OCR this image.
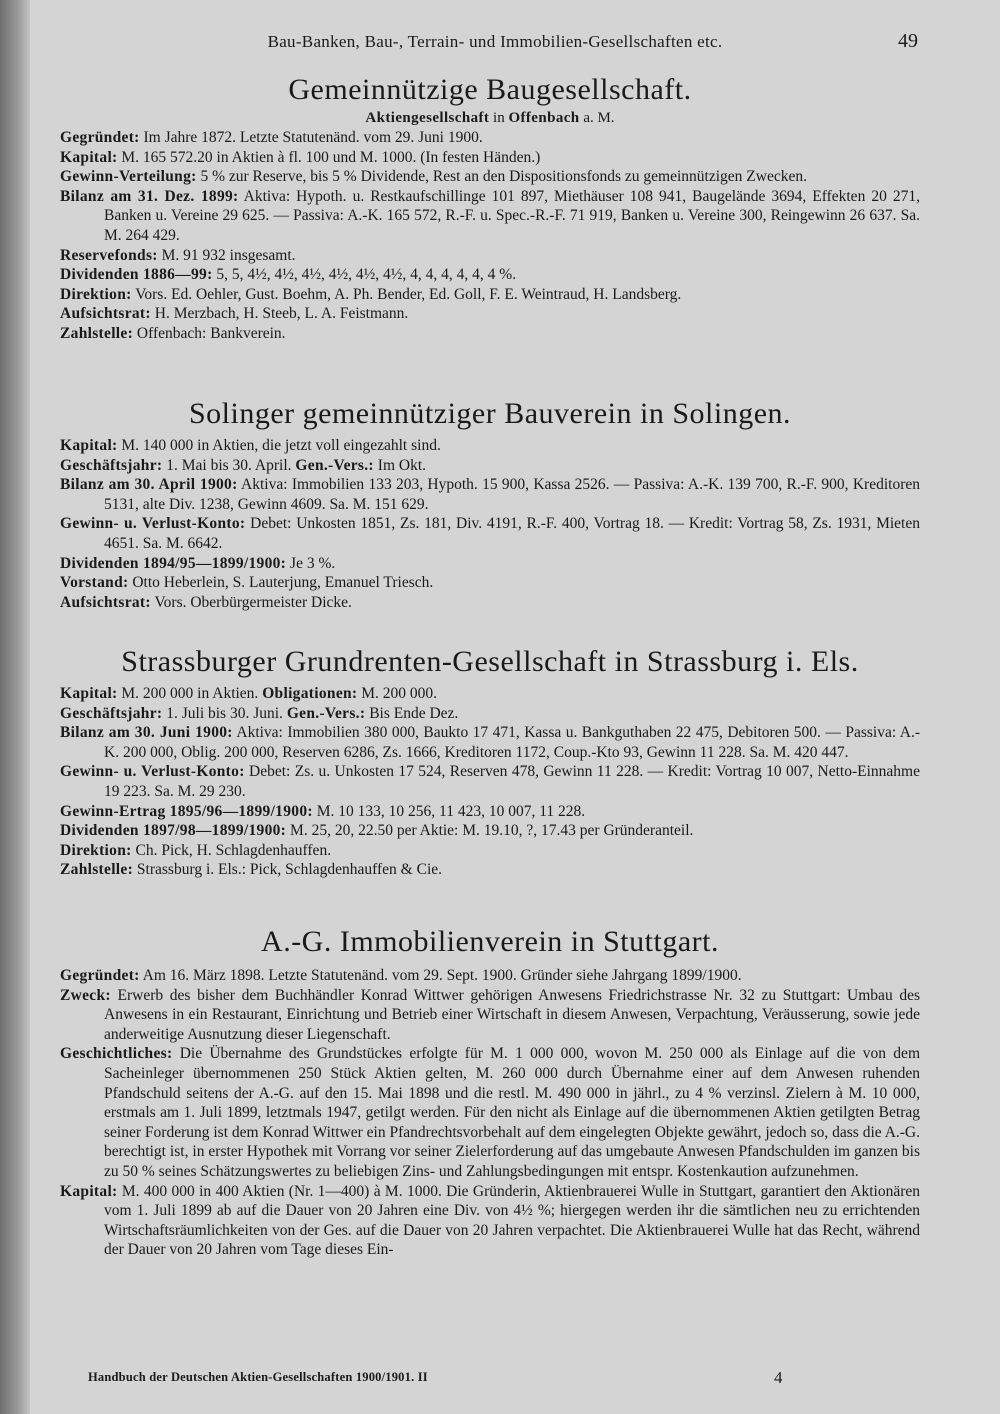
Bau-Banken, Bau-, Terrain- und Immobilien-Gesellschaften etc.	49
Gemeinnützige Baugesellschaft.
Aktiengesellschaft in Offenbach a. M.

Gegründet: Im Jahre 1872. Letzte Statutenänd. vom 29. Juni 1900.

Kapital: M. 165 572.20 in Aktien à fl. 100 und M. 1000. (In festen Händen.)

Gewinn-Verteilung: 5 % zur Reserve, bis 5 % Dividende, Rest an den Dispositionsfonds zu gemeinnützigen Zwecken.

Bilanz am 31. Dez. 1899: Aktiva: Hypoth. u. Restkaufschillinge 101 897, Miethäuser 108 941, Baugelände 3694, Effekten 20 271, Banken u. Vereine 29 625. — Passiva: A.-K. 165 572, R.-F. u. Spec.-R.-F. 71 919, Banken u. Vereine 300, Reingewinn 26 637. Sa. M. 264 429.

Reservefonds: M. 91 932 insgesamt.

Dividenden 1886—99: 5, 5, 4½, 4½, 4½, 4½, 4½, 4½, 4, 4, 4, 4, 4, 4 %.

Direktion: Vors. Ed. Oehler, Gust. Boehm, A. Ph. Bender, Ed. Goll, F. E. Weintraud, H. Landsberg.

Aufsichtsrat: H. Merzbach, H. Steeb, L. A. Feistmann.

Zahlstelle: Offenbach: Bankverein.

Solinger gemeinnütziger Bauverein in Solingen.

Kapital: M. 140 000 in Aktien, die jetzt voll eingezahlt sind.

Geschäftsjahr: 1. Mai bis 30. April. Gen.-Vers.: Im Okt.

Bilanz am 30. April 1900: Aktiva: Immobilien 133 203, Hypoth. 15 900, Kassa 2526. — Passiva: A.-K. 139 700, R.-F. 900, Kreditoren 5131, alte Div. 1238, Gewinn 4609. Sa. M. 151 629.

Gewinn- u. Verlust-Konto: Debet: Unkosten 1851, Zs. 181, Div. 4191, R.-F. 400, Vortrag 18. — Kredit: Vortrag 58, Zs. 1931, Mieten 4651. Sa. M. 6642.

Dividenden 1894/95—1899/1900: Je 3 %.

Vorstand: Otto Heberlein, S. Lauterjung, Emanuel Triesch.

Aufsichtsrat: Vors. Oberbürgermeister Dicke.

Strassburger Grundrenten-Gesellschaft in Strassburg i. Els.

Kapital: M. 200 000 in Aktien. Obligationen: M. 200 000.

Geschäftsjahr: 1. Juli bis 30. Juni. Gen.-Vers.: Bis Ende Dez.

Bilanz am 30. Juni 1900: Aktiva: Immobilien 380 000, Baukto 17 471, Kassa u. Bankguthaben 22 475, Debitoren 500. — Passiva: A.-K. 200 000, Oblig. 200 000, Reserven 6286, Zs. 1666, Kreditoren 1172, Coup.-Kto 93, Gewinn 11 228. Sa. M. 420 447.

Gewinn- u. Verlust-Konto: Debet: Zs. u. Unkosten 17 524, Reserven 478, Gewinn 11 228. — Kredit: Vortrag 10 007, Netto-Einnahme 19 223. Sa. M. 29 230.

Gewinn-Ertrag 1895/96—1899/1900: M. 10 133, 10 256, 11 423, 10 007, 11 228.

Dividenden 1897/98—1899/1900: M. 25, 20, 22.50 per Aktie: M. 19.10, ?, 17.43 per Gründeranteil.

Direktion: Ch. Pick, H. Schlagdenhauffen.

Zahlstelle: Strassburg i. Els.: Pick, Schlagdenhauffen & Cie.

A.-G. Immobilienverein in Stuttgart.

Gegründet: Am 16. März 1898. Letzte Statutenänd. vom 29. Sept. 1900. Gründer siehe Jahrgang 1899/1900.

Zweck: Erwerb des bisher dem Buchhändler Konrad Wittwer gehörigen Anwesens Friedrichstrasse Nr. 32 zu Stuttgart: Umbau des Anwesens in ein Restaurant, Einrichtung und Betrieb einer Wirtschaft in diesem Anwesen, Verpachtung, Veräusserung, sowie jede anderweitige Ausnutzung dieser Liegenschaft.

Geschichtliches: Die Übernahme des Grundstückes erfolgte für M. 1 000 000, wovon M. 250 000 als Einlage auf die von dem Sacheinleger übernommenen 250 Stück Aktien gelten, M. 260 000 durch Übernahme einer auf dem Anwesen ruhenden Pfandschuld seitens der A.-G. auf den 15. Mai 1898 und die restl. M. 490 000 in jährl., zu 4 % verzinsl. Zielern à M. 10 000, erstmals am 1. Juli 1899, letztmals 1947, getilgt werden. Für den nicht als Einlage auf die übernommenen Aktien getilgten Betrag seiner Forderung ist dem Konrad Wittwer ein Pfandrechtsvorbehalt auf dem eingelegten Objekte gewährt, jedoch so, dass die A.-G. berechtigt ist, in erster Hypothek mit Vorrang vor seiner Zielerforderung auf das umgebaute Anwesen Pfandschulden im ganzen bis zu 50 % seines Schätzungswertes zu beliebigen Zins- und Zahlungsbedingungen mit entspr. Kostenkaution aufzunehmen.

Kapital: M. 400 000 in 400 Aktien (Nr. 1—400) à M. 1000. Die Gründerin, Aktienbrauerei Wulle in Stuttgart, garantiert den Aktionären vom 1. Juli 1899 ab auf die Dauer von 20 Jahren eine Div. von 4½ %; hiergegen werden ihr die sämtlichen neu zu errichtenden Wirtschaftsräumlichkeiten von der Ges. auf die Dauer von 20 Jahren verpachtet. Die Aktienbrauerei Wulle hat das Recht, während der Dauer von 20 Jahren vom Tage dieses Ein-

Handbuch der Deutschen Aktien-Gesellschaften 1900/1901. II	4
